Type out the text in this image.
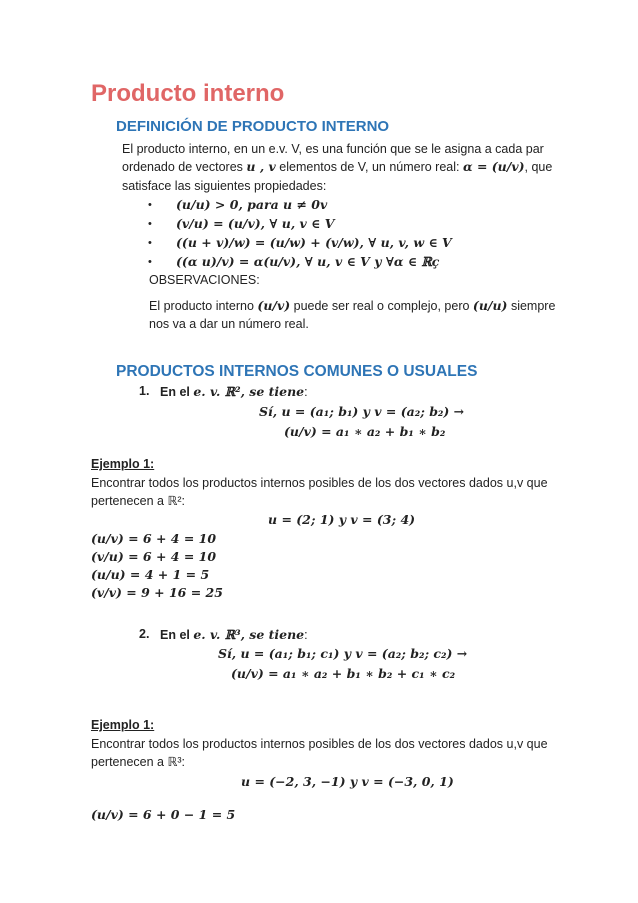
Producto interno
DEFINICIÓN DE PRODUCTO INTERNO
El producto interno, en un e.v. V, es una función que se le asigna a cada par
ordenado de vectores u , v elementos de V, un número real: α = (u/v), que
satisface las siguientes propiedades:
• (u/u) > 0, para u ≠ 0v
• (v/u) = (u/v), ∀ u, v ∈ V
• ((u + v)/w) = (u/w) + (v/w), ∀ u, v, w ∈ V
• ((α u)/v) = α(u/v), ∀ u, v ∈ V y ∀α ∈ ℝç
OBSERVACIONES:
El producto interno (u/v) puede ser real o complejo, pero (u/u) siempre
nos va a dar un número real.
PRODUCTOS INTERNOS COMUNES O USUALES
1. En el e. v. ℝ², se tiene:
Sí, u = (a₁; b₁) y v = (a₂; b₂) →
(u/v) = a₁ ∗ a₂ + b₁ ∗ b₂
Ejemplo 1:
Encontrar todos los productos internos posibles de los dos vectores dados u,v que
pertenecen a ℝ²:
u = (2; 1) y v = (3; 4)
(u/v) = 6 + 4 = 10
(v/u) = 6 + 4 = 10
(u/u) = 4 + 1 = 5
(v/v) = 9 + 16 = 25
2. En el e. v. ℝ³, se tiene:
Sí, u = (a₁; b₁; c₁) y v = (a₂; b₂; c₂) →
(u/v) = a₁ ∗ a₂ + b₁ ∗ b₂ + c₁ ∗ c₂
Ejemplo 1:
Encontrar todos los productos internos posibles de los dos vectores dados u,v que
pertenecen a ℝ³:
u = (−2, 3, −1) y v = (−3, 0, 1)
(u/v) = 6 + 0 − 1 = 5
